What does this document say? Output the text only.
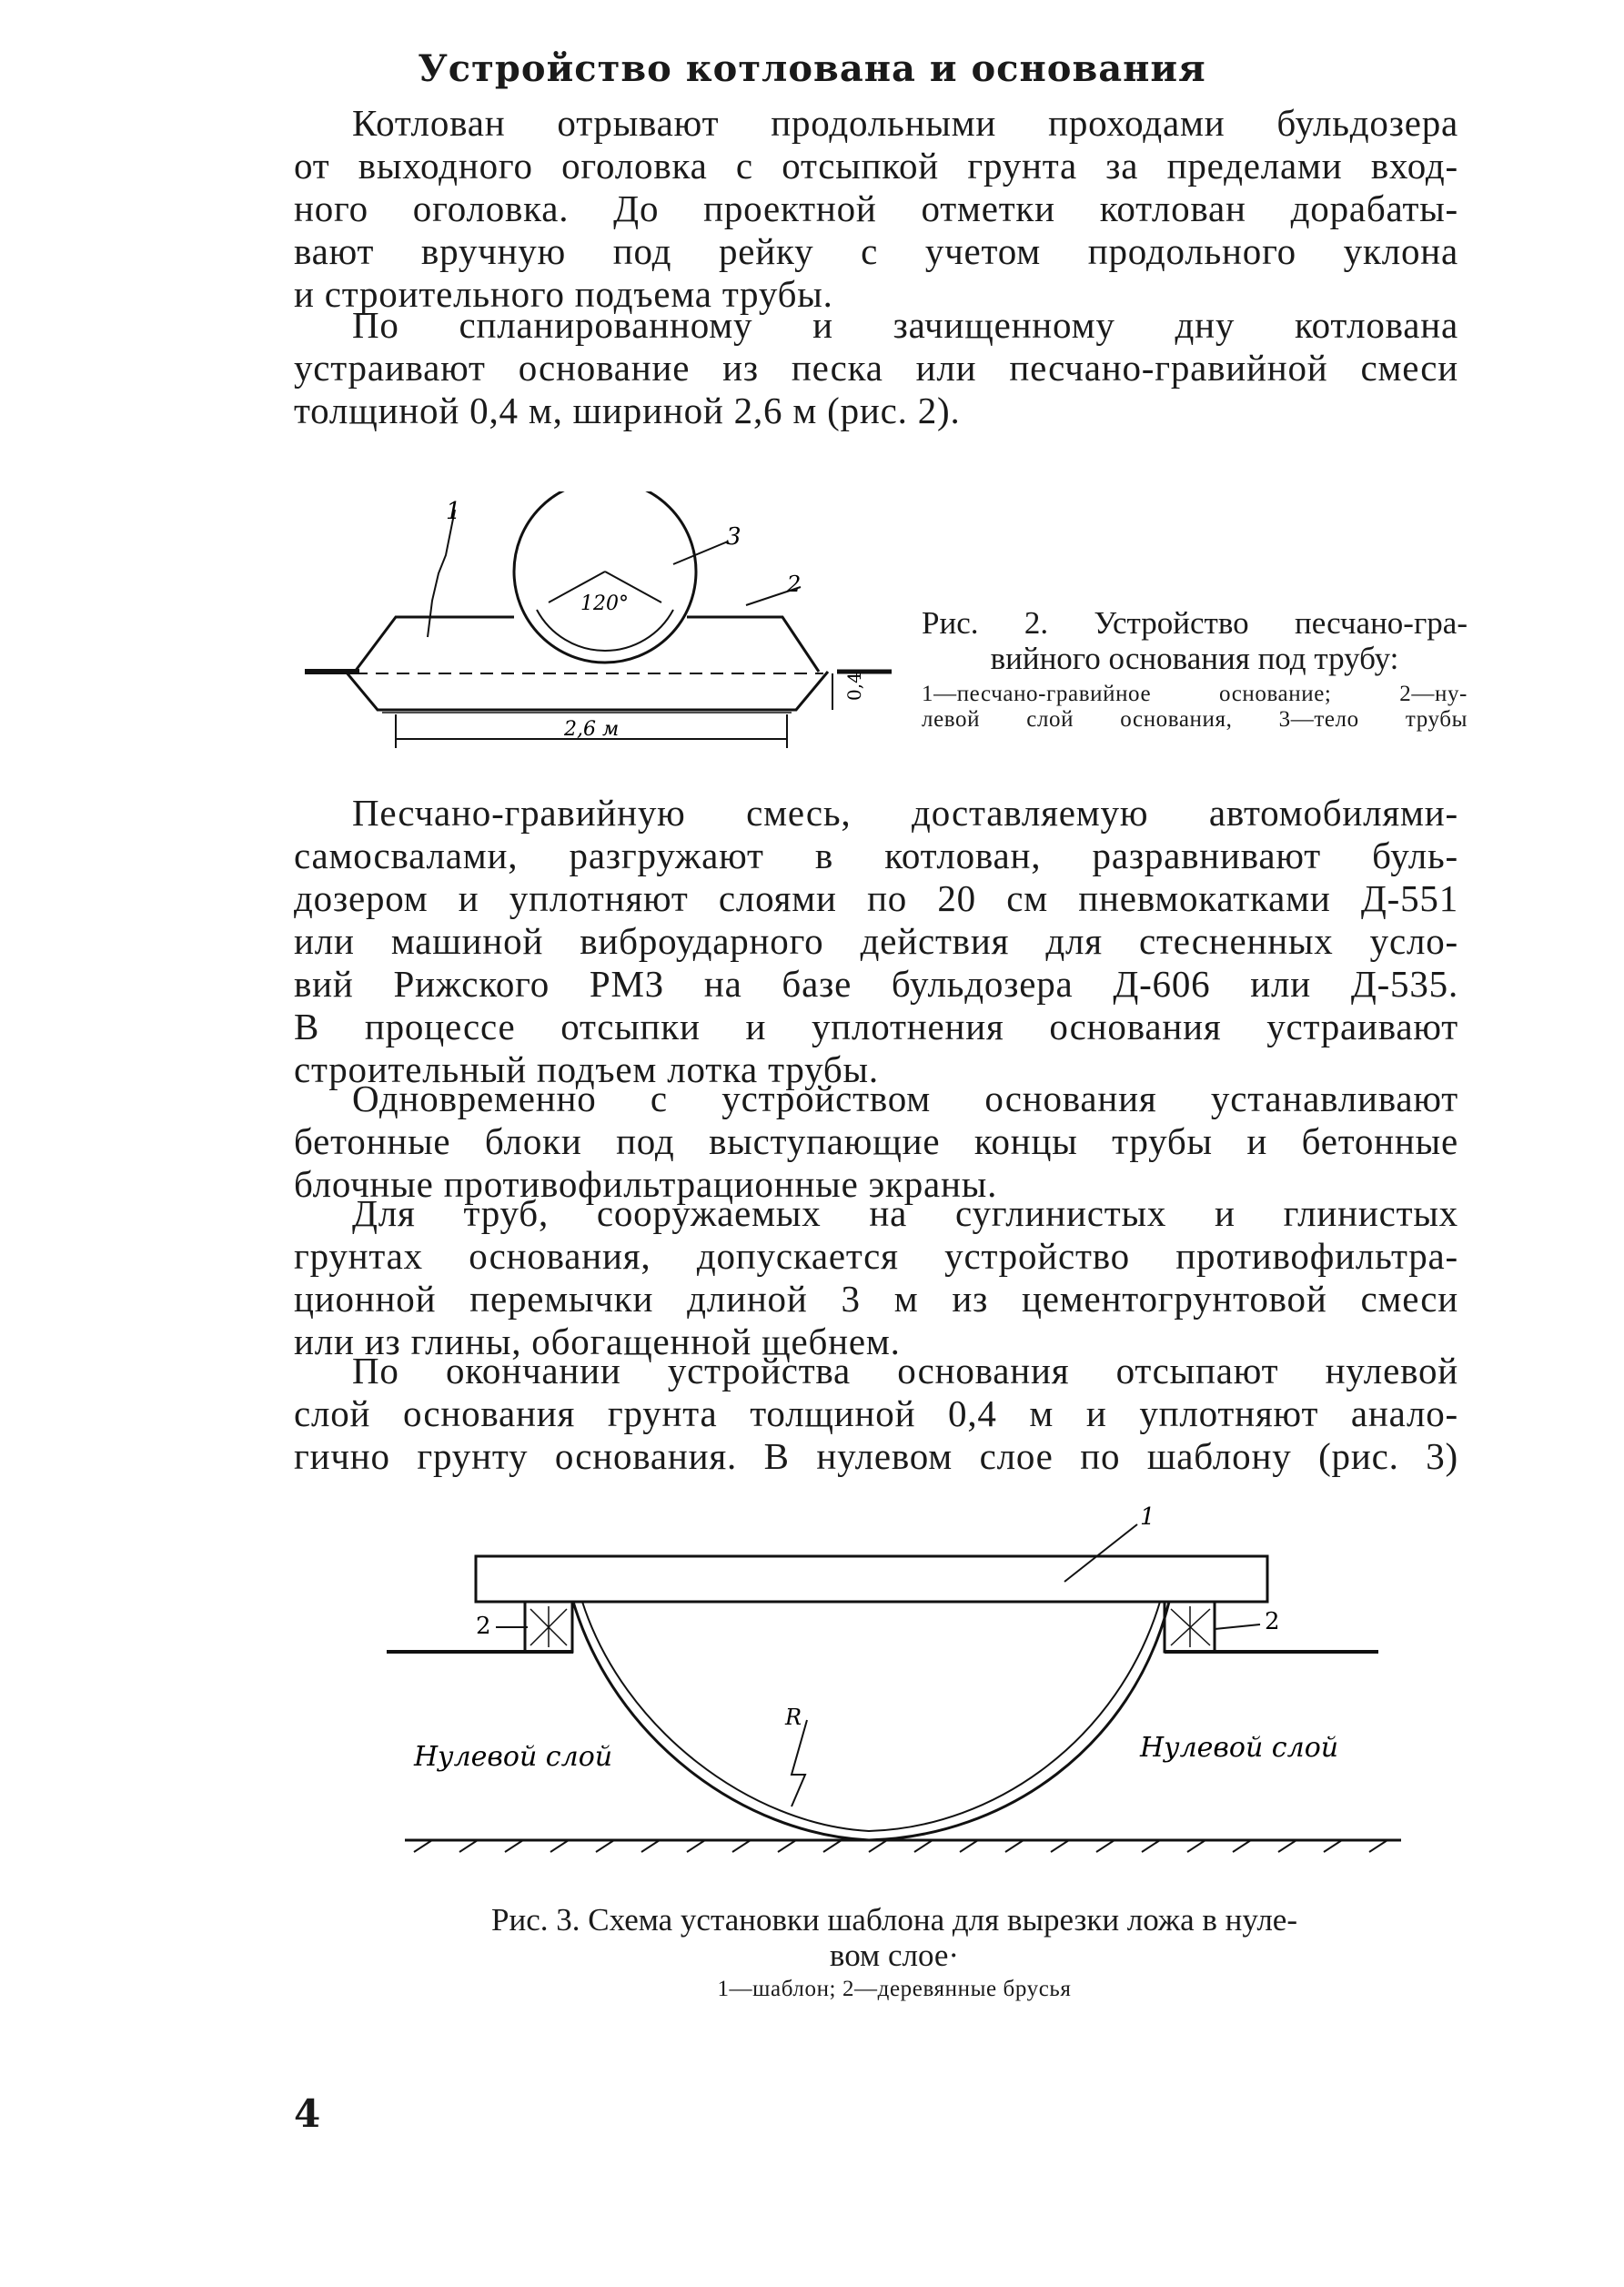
Устройство котлована и основания

Котлован отрывают продольными проходами бульдозера
от выходного оголовка с отсыпкой грунта за пределами вход-
ного оголовка. До проектной отметки котлован дорабаты-
вают вручную под рейку с учетом продольного уклона
и строительного подъема трубы.

По спланированному и зачищенному дну котлована
устраивают основание из песка или песчано-гравийной смеси
толщиной 0,4 м, шириной 2,6 м (рис. 2).

1
3
2
120°
2,6 м
0,4
Рис. 2. Устройство песчано-гра-
вийного основания под трубу:
1—песчано-гравийное основание; 2—ну-
левой слой основания, 3—тело трубы

Песчано-гравийную смесь, доставляемую автомобилями-
самосвалами, разгружают в котлован, разравнивают буль-
дозером и уплотняют слоями по 20 см пневмокатками Д-551
или машиной виброударного действия для стесненных усло-
вий Рижского РМЗ на базе бульдозера Д-606 или Д-535.
В процессе отсыпки и уплотнения основания устраивают
строительный подъем лотка трубы.

Одновременно с устройством основания устанавливают
бетонные блоки под выступающие концы трубы и бетонные
блочные противофильтрационные экраны.

Для труб, сооружаемых на суглинистых и глинистых
грунтах основания, допускается устройство противофильтра-
ционной перемычки длиной 3 м из цементогрунтовой смеси
или из глины, обогащенной щебнем.

По окончании устройства основания отсыпают нулевой
слой основания грунта толщиной 0,4 м и уплотняют анало-
гично грунту основания. В нулевом слое по шаблону (рис. 3)

1
2	2
R
Нулевой слой	Нулевой слой
Рис. 3. Схема установки шаблона для вырезки ложа в нуле-
вом слое·
1—шаблон; 2—деревянные брусья
4
